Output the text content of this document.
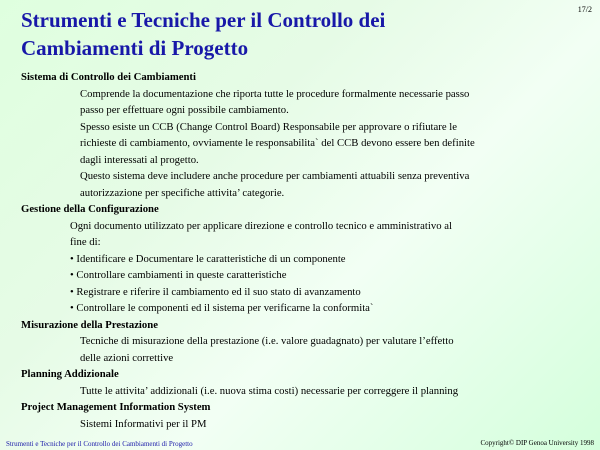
Strumenti e Tecniche per il Controllo dei
Cambiamenti di Progetto
17/2

Sistema di Controllo dei Cambiamenti

Comprende la documentazione che riporta tutte le procedure formalmente necessarie passo

passo per effettuare ogni possibile cambiamento.

Spesso esiste un CCB (Change Control Board) Responsabile per approvare o rifiutare le

richieste di cambiamento, ovviamente le responsabilita` del CCB devono essere ben definite

dagli interessati al progetto.

Questo sistema deve includere anche procedure per cambiamenti attuabili senza preventiva

autorizzazione per specifiche attivita’ categorie.

Gestione della Configurazione

Ogni documento utilizzato per applicare direzione e controllo tecnico e amministrativo al

fine di:

• Identificare e Documentare le caratteristiche di un componente

• Controllare cambiamenti in queste caratteristiche

• Registrare e riferire il cambiamento ed il suo stato di avanzamento

• Controllare le componenti ed il sistema per verificarne la conformita`

Misurazione della Prestazione

Tecniche di misurazione della prestazione (i.e. valore guadagnato) per valutare l’effetto

delle azioni correttive

Planning Addizionale

Tutte le attivita’ addizionali (i.e. nuova stima costi) necessarie per correggere il planning

Project Management Information System

Sistemi Informativi per il PM

Strumenti e Tecniche per il Controllo dei Cambiamenti di Progetto	Copyright© DIP Genoa University 1998
